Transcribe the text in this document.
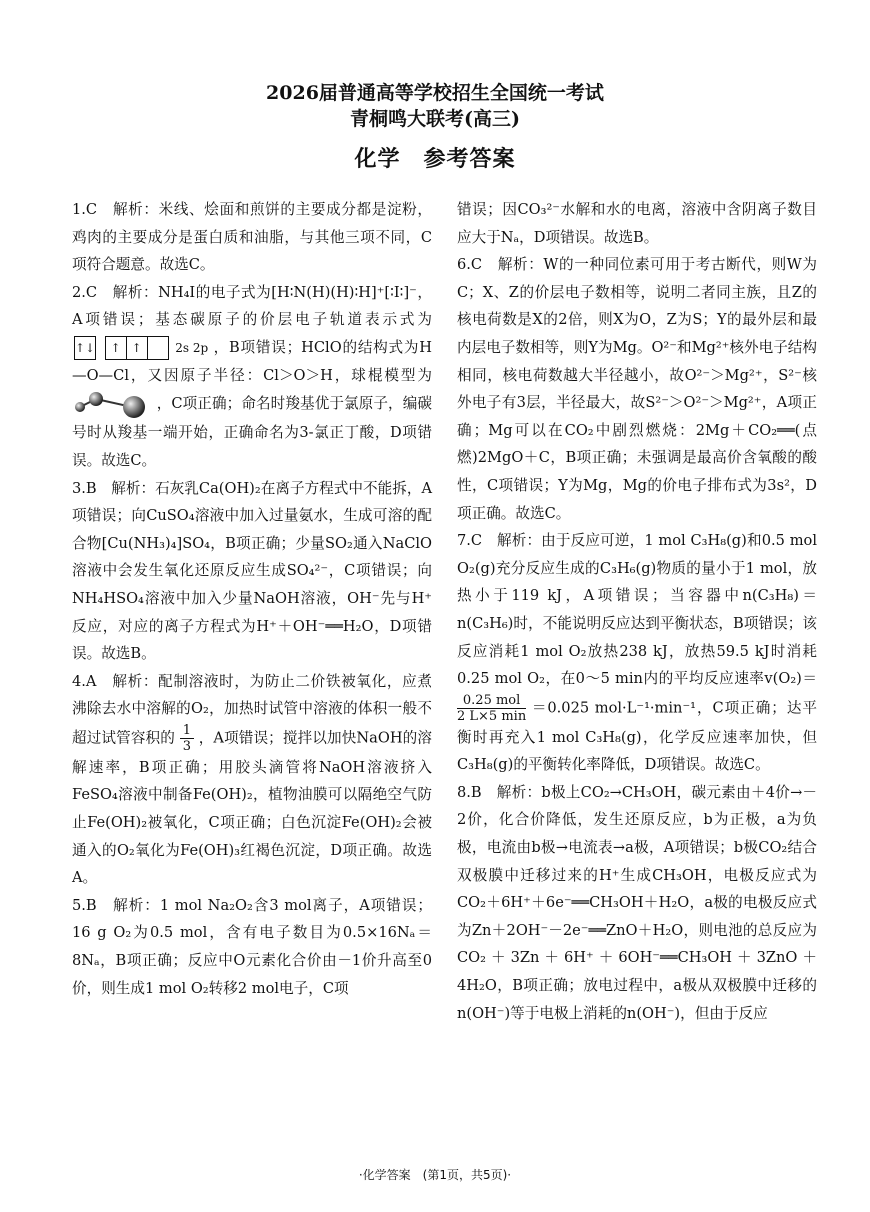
2026届普通高等学校招生全国统一考试
青桐鸣大联考(高三)
化学　参考答案

1.C　解析：米线、烩面和煎饼的主要成分都是淀粉，鸡肉的主要成分是蛋白质和油脂，与其他三项不同，C项符合题意。故选C。

2.C　解析：NH₄I的电子式为[H∶N(H)(H)∶H]⁺[∶I∶]⁻，A项错误；基态碳原子的价层电子轨道表示式为
↑↓
	↑ ↑	2s 2p ，B项错误；HClO的结构式为H—O—Cl，又因原子半径：Cl＞O＞H，球棍模型为  ，C项正确；命名时羧基优于氯原子，编碳号时从羧基一端开始，正确命名为3-氯正丁酸，D项错误。故选C。

3.B　解析：石灰乳Ca(OH)₂在离子方程式中不能拆，A项错误；向CuSO₄溶液中加入过量氨水，生成可溶的配合物[Cu(NH₃)₄]SO₄，B项正确；少量SO₂通入NaClO溶液中会发生氧化还原反应生成SO₄²⁻，C项错误；向NH₄HSO₄溶液中加入少量NaOH溶液，OH⁻先与H⁺反应，对应的离子方程式为H⁺＋OH⁻══H₂O，D项错误。故选B。

4.A　解析：配制溶液时，为防止二价铁被氧化，应煮沸除去水中溶解的O₂，加热时试管中溶液的体积一般不超过试管容积的 $\frac{1}{3}$ ，A项错误；搅拌以加快NaOH的溶解速率，B项正确；用胶头滴管将NaOH溶液挤入FeSO₄溶液中制备Fe(OH)₂，植物油膜可以隔绝空气防止Fe(OH)₂被氧化，C项正确；白色沉淀Fe(OH)₂会被通入的O₂氧化为Fe(OH)₃红褐色沉淀，D项正确。故选A。

5.B　解析：1 mol Na₂O₂含3 mol离子，A项错误；16 g O₂为0.5 mol，含有电子数目为0.5×16Nₐ＝8Nₐ，B项正确；反应中O元素化合价由－1价升高至0价，则生成1 mol O₂转移2 mol电子，C项

错误；因CO₃²⁻水解和水的电离，溶液中含阴离子数目应大于Nₐ，D项错误。故选B。

6.C　解析：W的一种同位素可用于考古断代，则W为C；X、Z的价层电子数相等，说明二者同主族，且Z的核电荷数是X的2倍，则X为O，Z为S；Y的最外层和最内层电子数相等，则Y为Mg。O²⁻和Mg²⁺核外电子结构相同，核电荷数越大半径越小，故O²⁻＞Mg²⁺，S²⁻核外电子有3层，半径最大，故S²⁻＞O²⁻＞Mg²⁺，A项正确；Mg可以在CO₂中剧烈燃烧：2Mg＋CO₂══(点燃)2MgO＋C，B项正确；未强调是最高价含氧酸的酸性，C项错误；Y为Mg，Mg的价电子排布式为3s²，D项正确。故选C。

7.C　解析：由于反应可逆，1 mol C₃H₈(g)和0.5 mol O₂(g)充分反应生成的C₃H₆(g)物质的量小于1 mol，放热小于119 kJ，A项错误；当容器中n(C₃H₈)＝n(C₃H₆)时，不能说明反应达到平衡状态，B项错误；该反应消耗1 mol O₂放热238 kJ，放热59.5 kJ时消耗0.25 mol O₂，在0～5 min内的平均反应速率v(O₂)＝
$\frac{\text{0.25 mol}}{2 L\times 5 \min} =0.025$ mol·L⁻¹·min⁻¹，C项正确；达平衡时再充入1 mol C₃H₈(g)，化学反应速率加快，但C₃H₈(g)的平衡转化率降低，D项错误。故选C。

8.B　解析：b极上CO₂→CH₃OH，碳元素由＋4价→－2价，化合价降低，发生还原反应，b为正极，a为负极，电流由b极→电流表→a极，A项错误；b极CO₂结合双极膜中迁移过来的H⁺生成CH₃OH，电极反应式为CO₂＋6H⁺＋6e⁻══CH₃OH＋H₂O，a极的电极反应式为Zn＋2OH⁻－2e⁻══ZnO＋H₂O，则电池的总反应为CO₂＋3Zn＋6H⁺＋6OH⁻══CH₃OH＋3ZnO＋4H₂O，B项正确；放电过程中，a极从双极膜中迁移的n(OH⁻)等于电极上消耗的n(OH⁻)，但由于反应

·化学答案　(第1页，共5页)·
